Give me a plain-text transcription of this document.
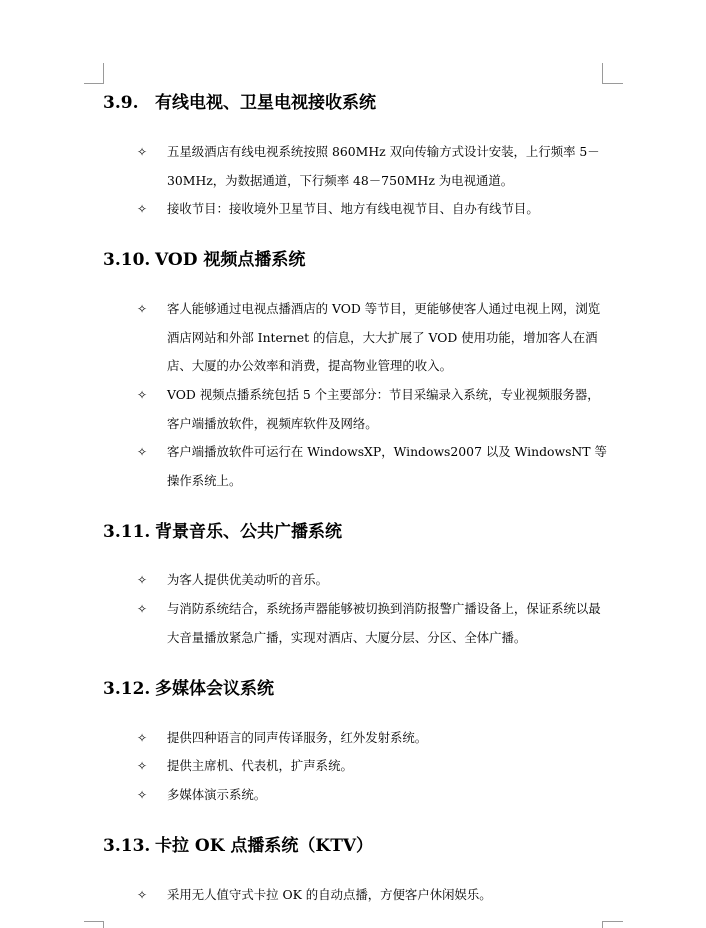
3.9. 有线电视、卫星电视接收系统
✧ 五星级酒店有线电视系统按照 860MHz 双向传输方式设计安装，上行频率 5－30MHz，为数据通道，下行频率 48－750MHz 为电视通道。
✧ 接收节目：接收境外卫星节目、地方有线电视节目、自办有线节目。
3.10. VOD 视频点播系统
✧ 客人能够通过电视点播酒店的 VOD 等节目，更能够使客人通过电视上网，浏览酒店网站和外部 Internet 的信息，大大扩展了 VOD 使用功能，增加客人在酒店、大厦的办公效率和消费，提高物业管理的收入。
✧ VOD 视频点播系统包括 5 个主要部分：节目采编录入系统，专业视频服务器，客户端播放软件，视频库软件及网络。
✧ 客户端播放软件可运行在 WindowsXP，Windows2007 以及 WindowsNT 等操作系统上。
3.11. 背景音乐、公共广播系统
✧ 为客人提供优美动听的音乐。
✧ 与消防系统结合，系统扬声器能够被切换到消防报警广播设备上，保证系统以最大音量播放紧急广播，实现对酒店、大厦分层、分区、全体广播。
3.12. 多媒体会议系统
✧ 提供四种语言的同声传译服务，红外发射系统。
✧ 提供主席机、代表机，扩声系统。
✧ 多媒体演示系统。
3.13. 卡拉 OK 点播系统（KTV）
✧ 采用无人值守式卡拉 OK 的自动点播，方便客户休闲娱乐。
